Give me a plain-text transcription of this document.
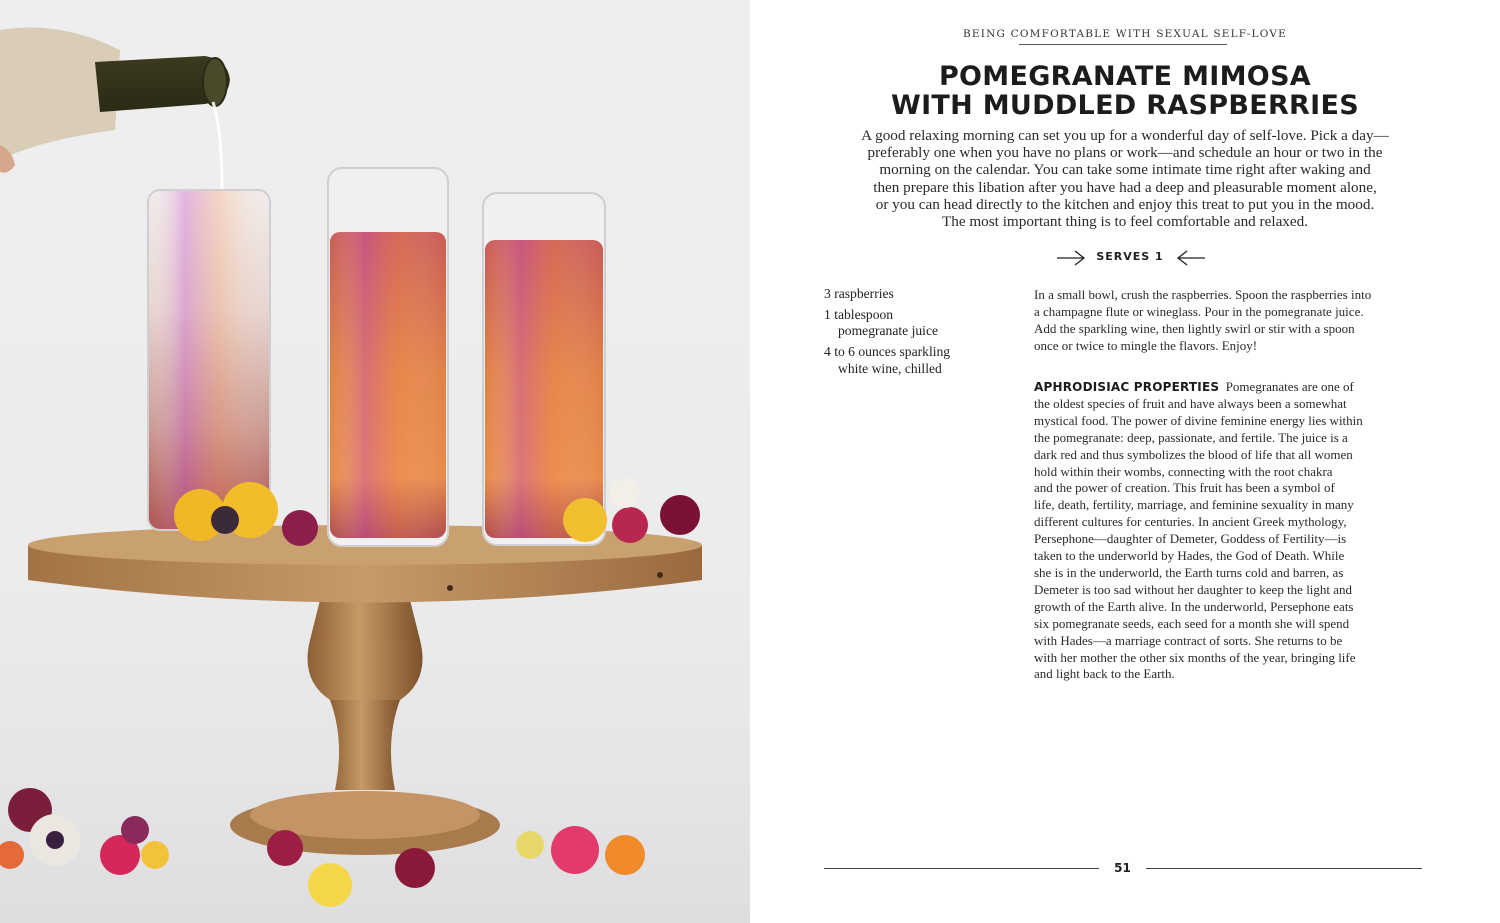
BEING COMFORTABLE WITH SEXUAL SELF-LOVE
POMEGRANATE MIMOSA
WITH MUDDLED RASPBERRIES
A good relaxing morning can set you up for a wonderful day of self-love. Pick a day—
preferably one when you have no plans or work—and schedule an hour or two in the
morning on the calendar. You can take some intimate time right after waking and
then prepare this libation after you have had a deep and pleasurable moment alone,
or you can head directly to the kitchen and enjoy this treat to put you in the mood.
The most important thing is to feel comfortable and relaxed.
SERVES 1
3 raspberries
1 tablespoon
pomegranate juice
4 to 6 ounces sparkling
white wine, chilled
In a small bowl, crush the raspberries. Spoon the raspberries into
a champagne flute or wineglass. Pour in the pomegranate juice.
Add the sparkling wine, then lightly swirl or stir with a spoon
once or twice to mingle the flavors. Enjoy!
APHRODISIAC PROPERTIES Pomegranates are one of
the oldest species of fruit and have always been a somewhat
mystical food. The power of divine feminine energy lies within
the pomegranate: deep, passionate, and fertile. The juice is a
dark red and thus symbolizes the blood of life that all women
hold within their wombs, connecting with the root chakra
and the power of creation. This fruit has been a symbol of
life, death, fertility, marriage, and feminine sexuality in many
different cultures for centuries. In ancient Greek mythology,
Persephone—daughter of Demeter, Goddess of Fertility—is
taken to the underworld by Hades, the God of Death. While
she is in the underworld, the Earth turns cold and barren, as
Demeter is too sad without her daughter to keep the light and
growth of the Earth alive. In the underworld, Persephone eats
six pomegranate seeds, each seed for a month she will spend
with Hades—a marriage contract of sorts. She returns to be
with her mother the other six months of the year, bringing life
and light back to the Earth.
51
